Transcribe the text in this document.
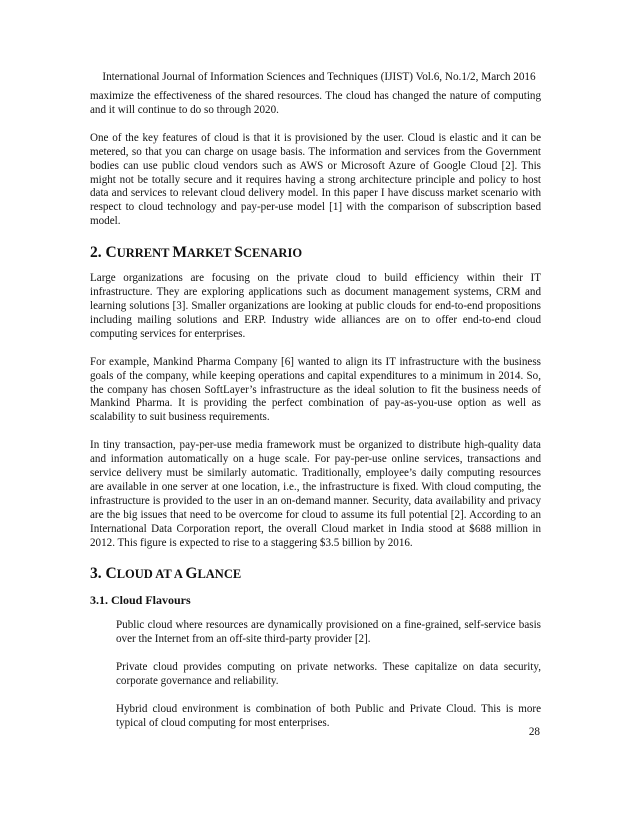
International Journal of Information Sciences and Techniques (IJIST) Vol.6, No.1/2, March 2016

maximize the effectiveness of the shared resources. The cloud has changed the nature of computing and it will continue to do so through 2020.

One of the key features of cloud is that it is provisioned by the user. Cloud is elastic and it can be metered, so that you can charge on usage basis. The information and services from the Government bodies can use public cloud vendors such as AWS or Microsoft Azure of Google Cloud [2]. This might not be totally secure and it requires having a strong architecture principle and policy to host data and services to relevant cloud delivery model. In this paper I have discuss market scenario with respect to cloud technology and pay-per-use model [1] with the comparison of subscription based model.

2. CURRENT MARKET SCENARIO

Large organizations are focusing on the private cloud to build efficiency within their IT infrastructure. They are exploring applications such as document management systems, CRM and learning solutions [3]. Smaller organizations are looking at public clouds for end-to-end propositions including mailing solutions and ERP. Industry wide alliances are on to offer end-to-end cloud computing services for enterprises.

For example, Mankind Pharma Company [6] wanted to align its IT infrastructure with the business goals of the company, while keeping operations and capital expenditures to a minimum in 2014. So, the company has chosen SoftLayer’s infrastructure as the ideal solution to fit the business needs of Mankind Pharma. It is providing the perfect combination of pay-as-you-use option as well as scalability to suit business requirements.

In tiny transaction, pay-per-use media framework must be organized to distribute high-quality data and information automatically on a huge scale. For pay-per-use online services, transactions and service delivery must be similarly automatic. Traditionally, employee’s daily computing resources are available in one server at one location, i.e., the infrastructure is fixed. With cloud computing, the infrastructure is provided to the user in an on-demand manner. Security, data availability and privacy are the big issues that need to be overcome for cloud to assume its full potential [2]. According to an International Data Corporation report, the overall Cloud market in India stood at $688 million in 2012. This figure is expected to rise to a staggering $3.5 billion by 2016.

3. CLOUD AT A GLANCE
3.1. Cloud Flavours

Public cloud where resources are dynamically provisioned on a fine-grained, self-service basis over the Internet from an off-site third-party provider [2].

Private cloud provides computing on private networks. These capitalize on data security, corporate governance and reliability.

Hybrid cloud environment is combination of both Public and Private Cloud. This is more typical of cloud computing for most enterprises.

28
